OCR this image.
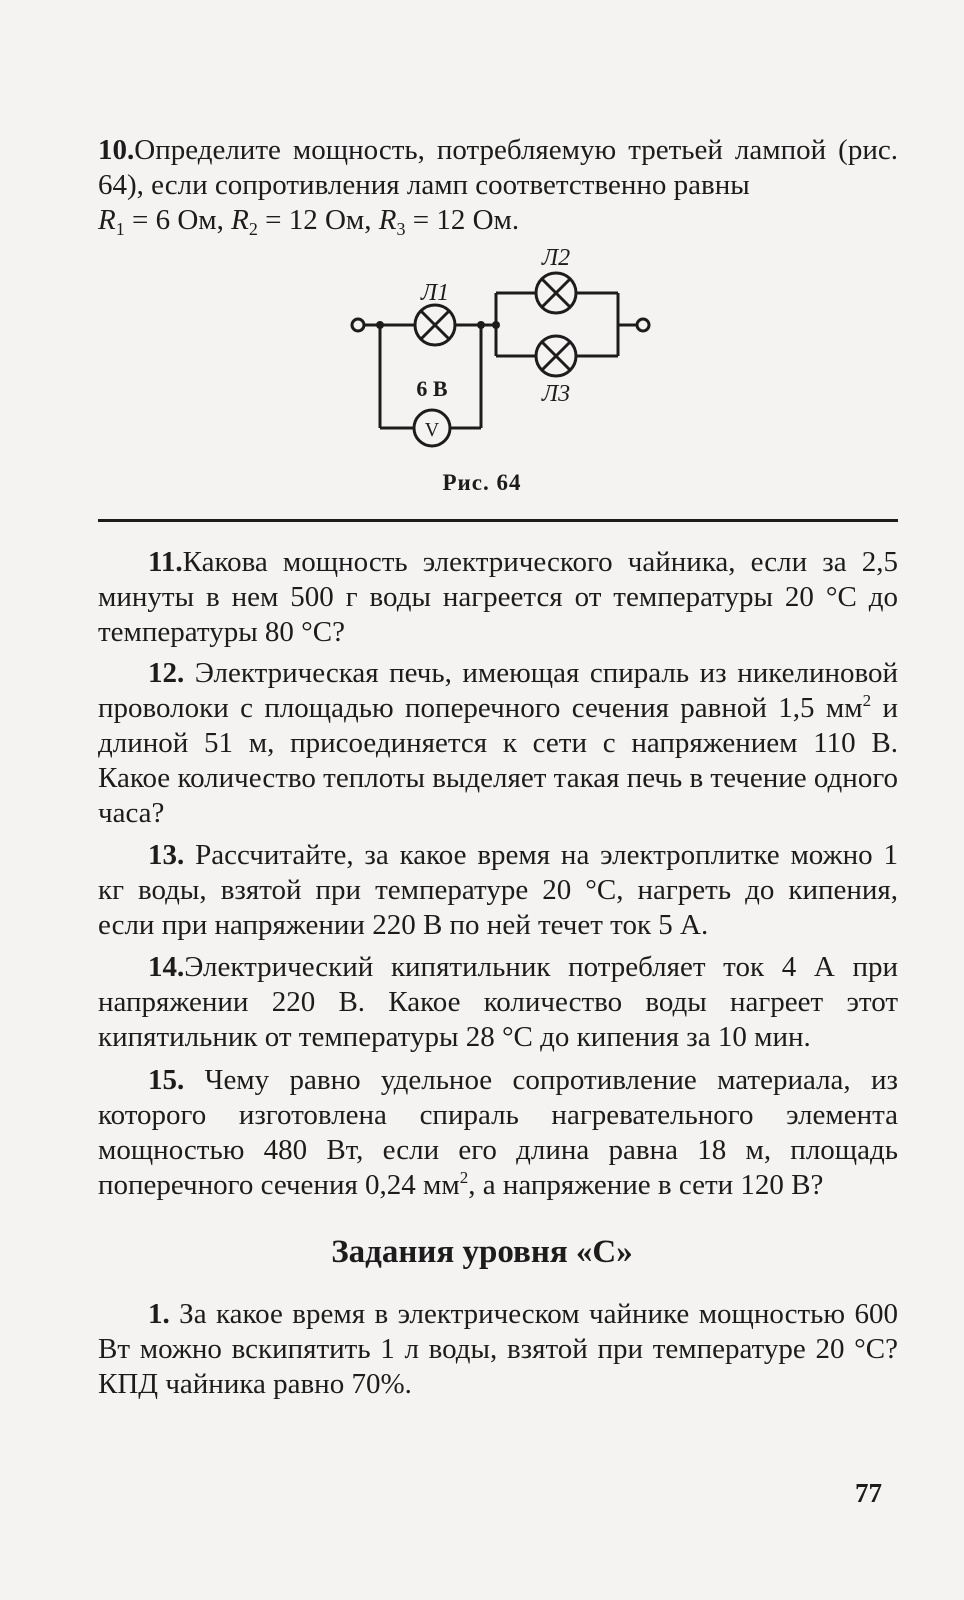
10.Определите мощность, потребляемую третьей лампой (рис. 64), если сопротивления ламп соответственно равны
$R_1 = 6$ Ом, $R_2 = 12$ Ом, $R_3 = 12$ Ом.

V
Л1
Л2
Л3
6 В
Рис. 64

11.Какова мощность электрического чайника, если за 2,5 минуты в нем 500 г воды нагреется от температуры 20 °С до температуры 80 °С?

12. Электрическая печь, имеющая спираль из никелиновой проволоки с площадью поперечного сечения равной 1,5 $мм^2$ и длиной 51 м, присоединяется к сети с напряжением 110 В. Какое количество теплоты выделяет такая печь в течение одного часа?

13. Рассчитайте, за какое время на электроплитке можно 1 кг воды, взятой при температуре 20 °С, нагреть до кипения, если при напряжении 220 В по ней течет ток 5 А.

14.Электрический кипятильник потребляет ток 4 А при напряжении 220 В. Какое количество воды нагреет этот кипятильник от температуры 28 °С до кипения за 10 мин.

15. Чему равно удельное сопротивление материала, из которого изготовлена спираль нагревательного элемента мощностью 480 Вт, если его длина равна 18 м, площадь поперечного сечения 0,24 $мм^2$, а напряжение в сети 120 В?

Задания уровня «С»

1. За какое время в электрическом чайнике мощностью 600 Вт можно вскипятить 1 л воды, взятой при температуре 20 °С? КПД чайника равно 70%.

77
